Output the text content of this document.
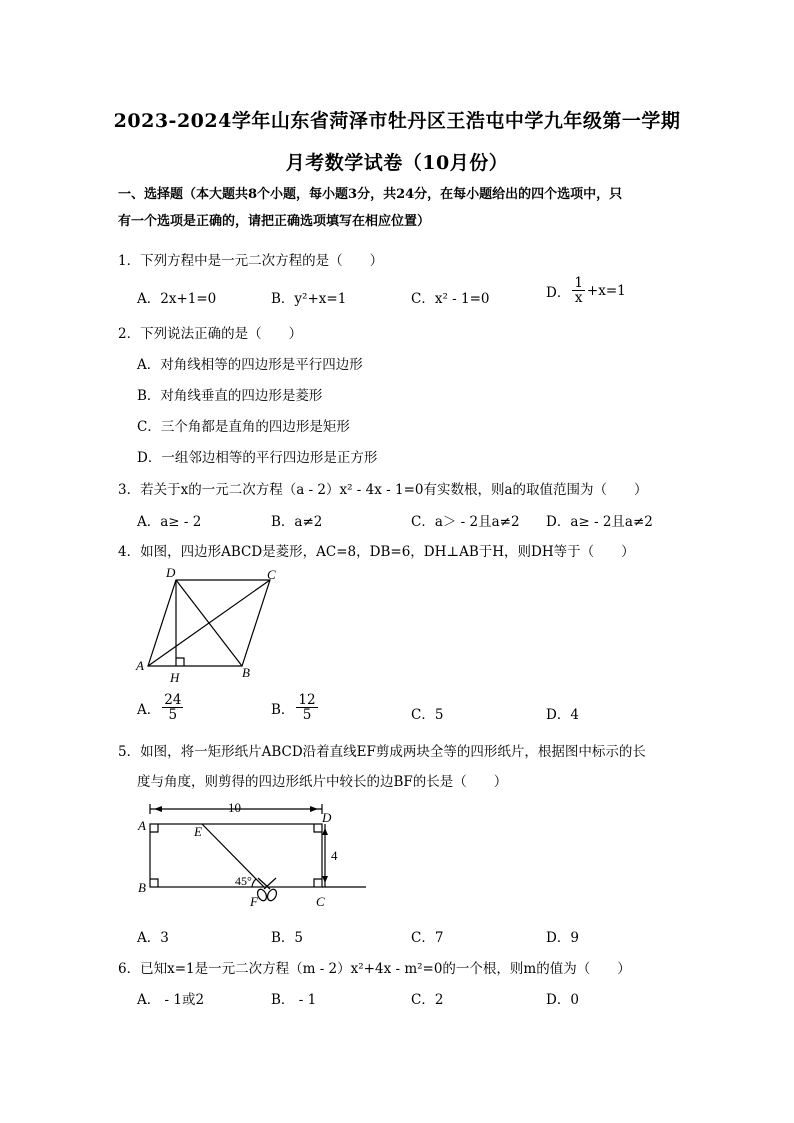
2023-2024学年山东省菏泽市牡丹区王浩屯中学九年级第一学期
月考数学试卷（10月份）
一、选择题（本大题共8个小题，每小题3分，共24分，在每小题给出的四个选项中，只
有一个选项是正确的，请把正确选项填写在相应位置）
1．下列方程中是一元二次方程的是（　　）
A．2x+1=0	B．y²+x=1	C．x² - 1=0	D． $\frac{1}{x} +x=1$
2．下列说法正确的是（　　）
A．对角线相等的四边形是平行四边形
B．对角线垂直的四边形是菱形
C．三个角都是直角的四边形是矩形
D．一组邻边相等的平行四边形是正方形
3．若关于x的一元二次方程（a - 2）x² - 4x - 1=0有实数根，则a的取值范围为（　　）
A．a≥ - 2	B．a≠2	C．a＞ - 2且a≠2 D．a≥ - 2且a≠2
4．如图，四边形ABCD是菱形，AC=8，DB=6，DH⊥AB于H，则DH等于（　　）
D	C
A	B
H
A． $\frac{24}{5}$	B． $\frac{12}{5}$	C．5	D．4
5．如图，将一矩形纸片ABCD沿着直线EF剪成两块全等的四形纸片，根据图中标示的长
度与角度，则剪得的四边形纸片中较长的边BF的长是（　　）
10
4
45°
A
D
B
C
E
F
A．3	B．5	C．7	D．9
6．已知x=1是一元二次方程（m - 2）x²+4x - m²=0的一个根，则m的值为（　　）
A． - 1或2	B． - 1	C．2	D．0
